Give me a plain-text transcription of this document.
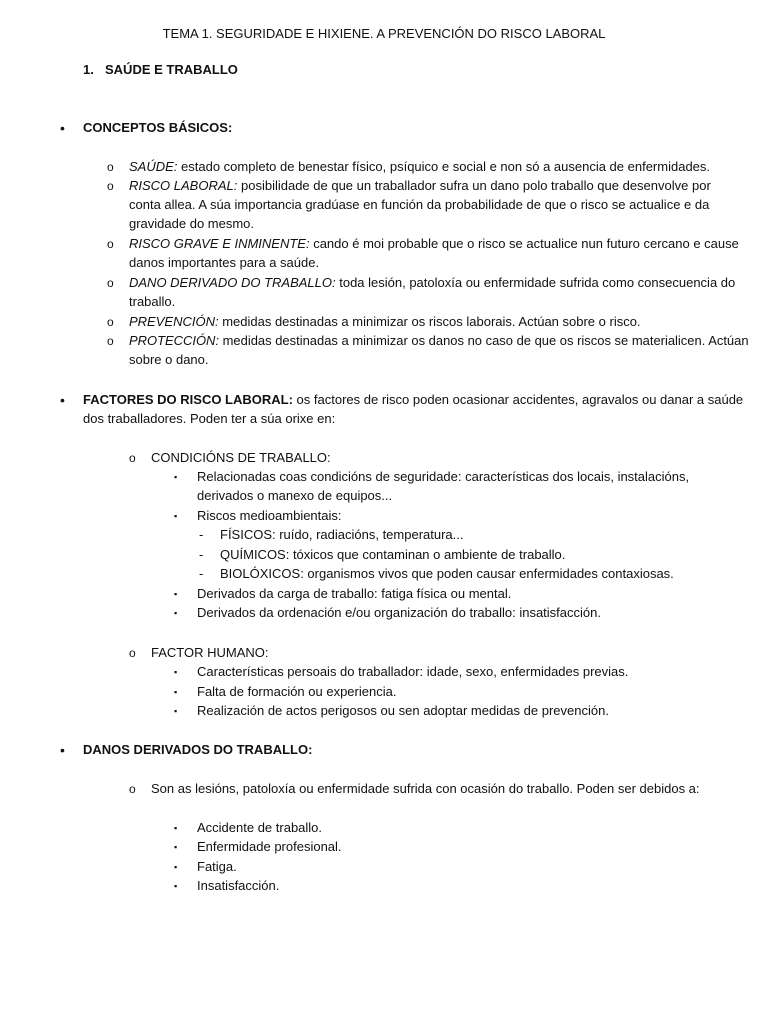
TEMA 1. SEGURIDADE E HIXIENE. A PREVENCIÓN DO RISCO LABORAL
1. SAÚDE E TRABALLO
• CONCEPTOS BÁSICOS:
o SAÚDE: estado completo de benestar físico, psíquico e social e non só a ausencia de enfermidades.
o RISCO LABORAL: posibilidade de que un traballador sufra un dano polo traballo que desenvolve por
conta allea. A súa importancia gradúase en función da probabilidade de que o risco se actualice e da
gravidade do mesmo.
o RISCO GRAVE E INMINENTE: cando é moi probable que o risco se actualice nun futuro cercano e cause
danos importantes para a saúde.
o DANO DERIVADO DO TRABALLO: toda lesión, patoloxía ou enfermidade sufrida como consecuencia do
traballo.
o PREVENCIÓN: medidas destinadas a minimizar os riscos laborais. Actúan sobre o risco.
o PROTECCIÓN: medidas destinadas a minimizar os danos no caso de que os riscos se materialicen. Actúan
sobre o dano.
• FACTORES DO RISCO LABORAL: os factores de risco poden ocasionar accidentes, agravalos ou danar a saúde
dos traballadores. Poden ter a súa orixe en:
o CONDICIÓNS DE TRABALLO:
▪ Relacionadas coas condicións de seguridade: características dos locais, instalacións,
derivados o manexo de equipos...
▪ Riscos medioambientais:
- FÍSICOS: ruído, radiacións, temperatura...
- QUÍMICOS: tóxicos que contaminan o ambiente de traballo.
- BIOLÓXICOS: organismos vivos que poden causar enfermidades contaxiosas.
▪ Derivados da carga de traballo: fatiga física ou mental.
▪ Derivados da ordenación e/ou organización do traballo: insatisfacción.
o FACTOR HUMANO:
▪ Características persoais do traballador: idade, sexo, enfermidades previas.
▪ Falta de formación ou experiencia.
▪ Realización de actos perigosos ou sen adoptar medidas de prevención.
• DANOS DERIVADOS DO TRABALLO:
o Son as lesións, patoloxía ou enfermidade sufrida con ocasión do traballo. Poden ser debidos a:
▪ Accidente de traballo.
▪ Enfermidade profesional.
▪ Fatiga.
▪ Insatisfacción.
